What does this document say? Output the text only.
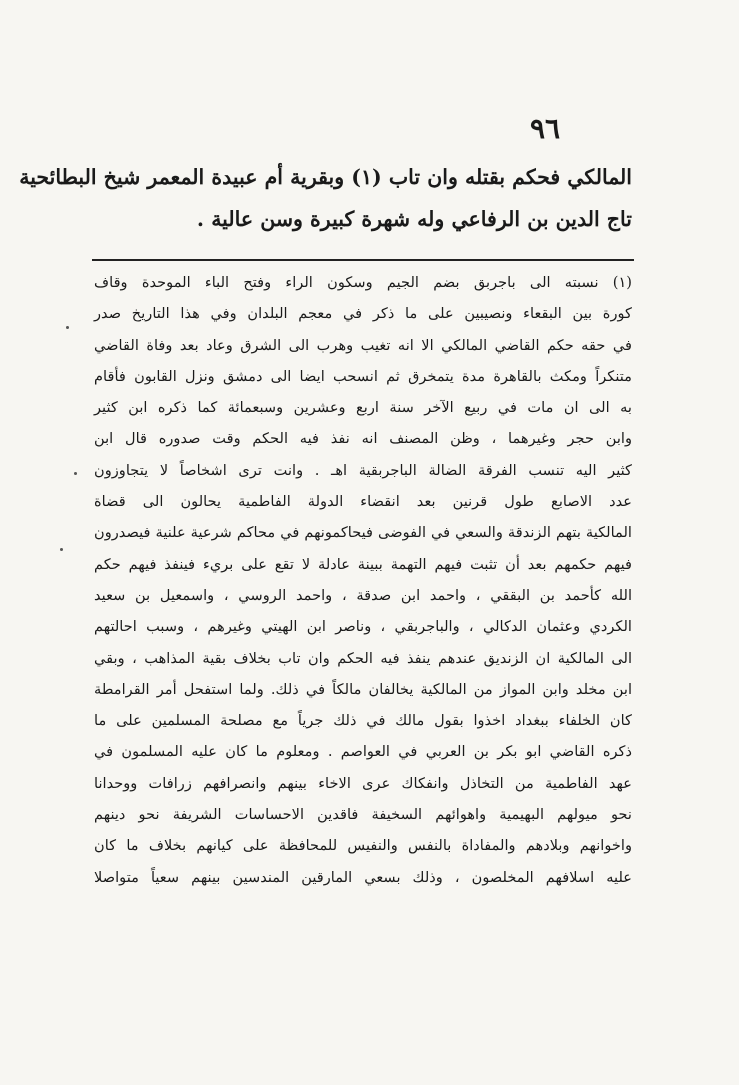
٩٦
المالكي فحكم بقتله وان تاب (١) وبقرية أم عبيدة المعمر شيخ البطائحية
تاج الدين بن الرفاعي وله شهرة كبيرة وسن عالية .
(١) نسبته الى باجربق بضم الجيم وسكون الراء وفتح الباء الموحدة وقاف
كورة بين البقعاء ونصيبين على ما ذكر في معجم البلدان وفي هذا التاريخ صدر
في حقه حكم القاضي المالكي الا انه تغيب وهرب الى الشرق وعاد بعد وفاة القاضي
متنكراً ومكث بالقاهرة مدة يتمخرق ثم انسحب ايضا الى دمشق ونزل القابون فأقام
به الى ان مات في ربيع الآخر سنة اربع وعشرين وسبعمائة كما ذكره ابن كثير
وابن حجر وغيرهما ، وظن المصنف انه نفذ فيه الحكم وقت صدوره قال ابن
كثير اليه تنسب الفرقة الضالة الباجربقية اهـ . وانت ترى اشخاصاً لا يتجاوزون
عدد الاصابع طول قرنين بعد انقضاء الدولة الفاطمية يحالون الى قضاة
المالكية بتهم الزندقة والسعي في الفوضى فيحاكمونهم في محاكم شرعية علنية فيصدرون
فيهم حكمهم بعد أن تثبت فيهم التهمة ببينة عادلة لا تقع على بريء فينفذ فيهم حكم
الله كأحمد بن البققي ، واحمد ابن صدقة ، واحمد الروسي ، واسمعيل بن سعيد
الكردي وعثمان الدكالي ، والباجربقي ، وناصر ابن الهيتي وغيرهم ، وسبب احالتهم
الى المالكية ان الزنديق عندهم ينفذ فيه الحكم وان تاب بخلاف بقية المذاهب ، وبقي
ابن مخلد وابن المواز من المالكية يخالفان مالكاً في ذلك. ولما استفحل أمر القرامطة
كان الخلفاء ببغداد اخذوا بقول مالك في ذلك جرياً مع مصلحة المسلمين على ما
ذكره القاضي ابو بكر بن العربي في العواصم . ومعلوم ما كان عليه المسلمون في
عهد الفاطمية من التخاذل وانفكاك عرى الاخاء بينهم وانصرافهم زرافات ووحدانا
نحو ميولهم البهيمية واهوائهم السخيفة فاقدين الاحساسات الشريفة نحو دينهم
واخوانهم وبلادهم والمفاداة بالنفس والنفيس للمحافظة على كيانهم بخلاف ما كان
عليه اسلافهم المخلصون ، وذلك بسعي المارقين المندسين بينهم سعياً متواصلا
